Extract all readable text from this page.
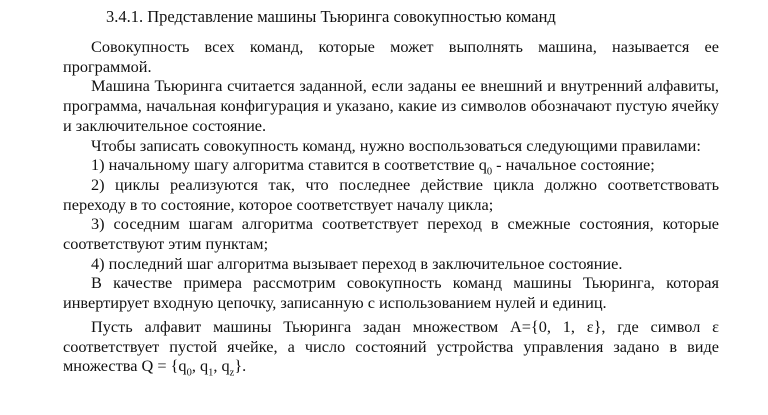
3.4.1. Представление машины Тьюринга совокупностью команд

Совокупность всех команд, которые может выполнять машина, называется ее программой.

Машина Тьюринга считается заданной, если заданы ее внешний и внутренний алфавиты, программа, начальная конфигурация и указано, какие из символов обозначают пустую ячейку и заключительное состояние.

Чтобы записать совокупность команд, нужно воспользоваться следующими правилами:

1) начальному шагу алгоритма ставится в соответствие $q_0$ - начальное состояние;

2) циклы реализуются так, что последнее действие цикла должно соответствовать переходу в то состояние, которое соответствует началу цикла;

3) соседним шагам алгоритма соответствует переход в смежные состояния, которые соответствуют этим пунктам;

4) последний шаг алгоритма вызывает переход в заключительное состояние.

В качестве примера рассмотрим совокупность команд машины Тьюринга, которая инвертирует входную цепочку, записанную с использованием нулей и единиц.

Пусть алфавит машины Тьюринга задан множеством А={0, 1, ε}, где символ ε соответствует пустой ячейке, а число состояний устройства управления задано в виде множества $Q = \{q_0$, $q_1$, $q_z$}.
